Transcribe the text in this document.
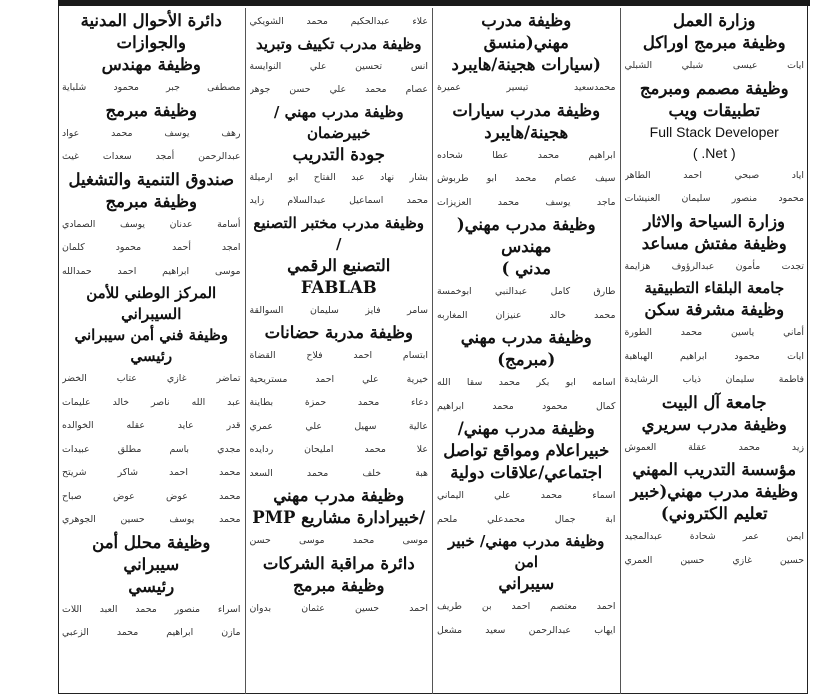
وزارة العمل

وظيفة مبرمج اوراكل

ايات عيسى شبلي الشبلي

وظيفة مصمم ومبرمج

تطبيقات ويب

Full Stack Developer

( .Net )

اياد صبحي احمد الطاهر

محمود منصور سليمان العنيشات

وزارة السياحة والاثار

وظيفة مفتش مساعد

تجدت مأمون عبدالرؤوف هزايمة

جامعة البلقاء التطبيقية

وظيفة مشرفة سكن

أماني ياسين محمد الطورة

ايات محمود ابراهيم الهباهبة

فاطمة سليمان ذياب الرشايدة

جامعة آل البيت

وظيفة مدرب سريري

زيد محمد عقلة العموش

مؤسسة التدريب المهني

وظيفة مدرب مهني(خبير

تعليم الكتروني)

ايمن عمر شحادة عبدالمجيد

حسين غازي حسين العمري

وظيفة مدرب مهني(منسق

(سيارات هجينة/هايبرد

محمدسعيد تيسير عميرة

وظيفة مدرب سيارات

هجينة/هايبرد

ابراهيم محمد عطا شحاده

سيف عصام محمد ابو طربوش

ماجد يوسف محمد العزيزات

وظيفة مدرب مهني( مهندس

مدني )

طارق كامل عبدالنبي ابوخمسة

محمد خالد عنيزان المغاربه

وظيفة مدرب مهني

(مبرمج)

اسامه ابو بكر محمد سقا الله

كمال محمود محمد ابراهيم

وظيفة مدرب مهني/

خبيراعلام ومواقع تواصل

اجتماعي/علاقات دولية

اسماء محمد علي اليماني

ابة جمال محمدعلي ملحم

وظيفة مدرب مهني/ خبير امن

سيبراني

احمد معتصم احمد بن طريف

ايهاب عبدالرحمن سعيد مشعل

علاء عبدالحكيم محمد الشويكي

وظيفة مدرب تكييف وتبريد

انس تحسين علي النوايسة

عصام محمد علي حسن جوهر

وظيفة مدرب مهني /خبيرضمان

جودة التدريب

بشار نهاد عبد الفتاح ابو ارميلة

محمد اسماعيل عبدالسلام زايد

وظيفة مدرب مختبر التصنيع /

التصنيع الرقمي FABLAB

سامر فايز سليمان السوالقة

وظيفة مدربة حضانات

ابتسام احمد فلاح القضاة

خيرية علي احمد مستريحية

دعاء محمد حمزة بطاينة

عالية سهيل علي عمري

علا محمد امليحان ردايده

هبة خلف محمد السعد

وظيفة مدرب مهني

/خبيرادارة مشاريع PMP

موسى محمد موسى حسن

دائرة مراقبة الشركات

وظيفة مبرمج

احمد حسين عثمان بدوان

دائرة الأحوال المدنية

والجوازات

وظيفة مهندس

مصطفى جبر محمود شلباية

وظيفة مبرمج

رهف يوسف محمد عواد

عبدالرحمن أمجد سعدات غيث

صندوق التنمية والتشغيل

وظيفة مبرمج

أسامة عدنان يوسف الصمادي

امجد أحمد محمود كلمان

موسى ابراهيم احمد حمدالله

المركز الوطني للأمن السيبراني

وظيفة فني أمن سيبراني رئيسي

تماضر غازي عتاب الخضر

عبد الله ناصر خالد عليمات

قدر عايد عقله الخوالده

مجدي باسم مطلق عبيدات

محمد احمد شاكر شريتح

محمد عوض عوض صباح

محمد يوسف حسين الجوهري

وظيفة محلل أمن سيبراني

رئيسي

اسراء منصور محمد العبد اللات

مازن ابراهيم محمد الزعبي
